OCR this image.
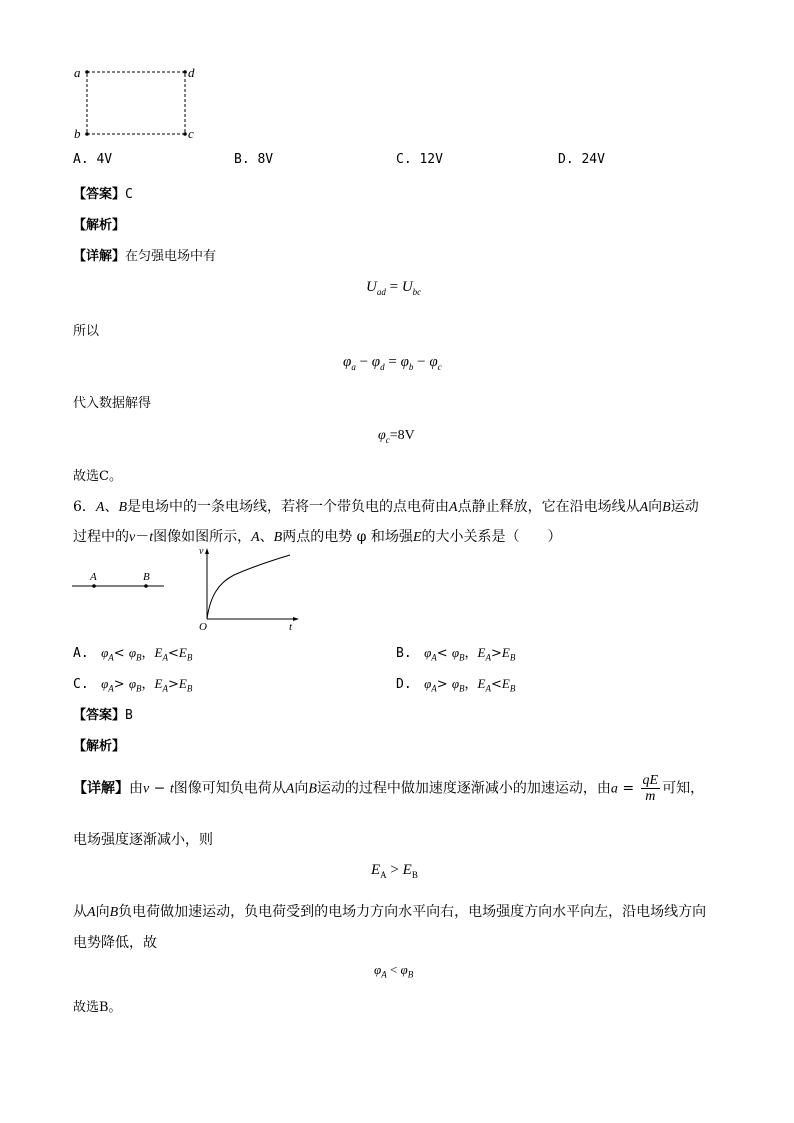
a	d
b	c
A. 4V	B. 8V	C. 12V	D. 24V
【答案】C
【解析】
【详解】在匀强电场中有
$U_{ad} = U_{bc}$
所以
$\varphi_a - \varphi_d = \varphi_b - \varphi_c$
代入数据解得
$\varphi_c=8V$
故选C。
6．A、B是电场中的一条电场线，若将一个带负电的点电荷由A点静止释放，它在沿电场线从A向B运动
过程中的v－t图像如图所示，A、B两点的电势 φ 和场强E的大小关系是（　　）
A	B
v
O	t
A. $\varphi_A< \varphi_B$，$E_A<E_B$	B. $\varphi_A< \varphi_B$，$E_A>E_B$
C. $\varphi_A> \varphi_B$，$E_A>E_B$	D. $\varphi_A> \varphi_B$，$E_A<E_B$
【答案】B
【解析】
【详解】由v − t图像可知负电荷从A向B运动的过程中做加速度逐渐减小的加速运动，由$a = \frac{qE}{m}$ 可知，
电场强度逐渐减小，则
$E_A > E_B$
从A向B负电荷做加速运动，负电荷受到的电场力方向水平向右，电场强度方向水平向左，沿电场线方向
电势降低，故
$\varphi_A < \varphi_B$
故选B。
